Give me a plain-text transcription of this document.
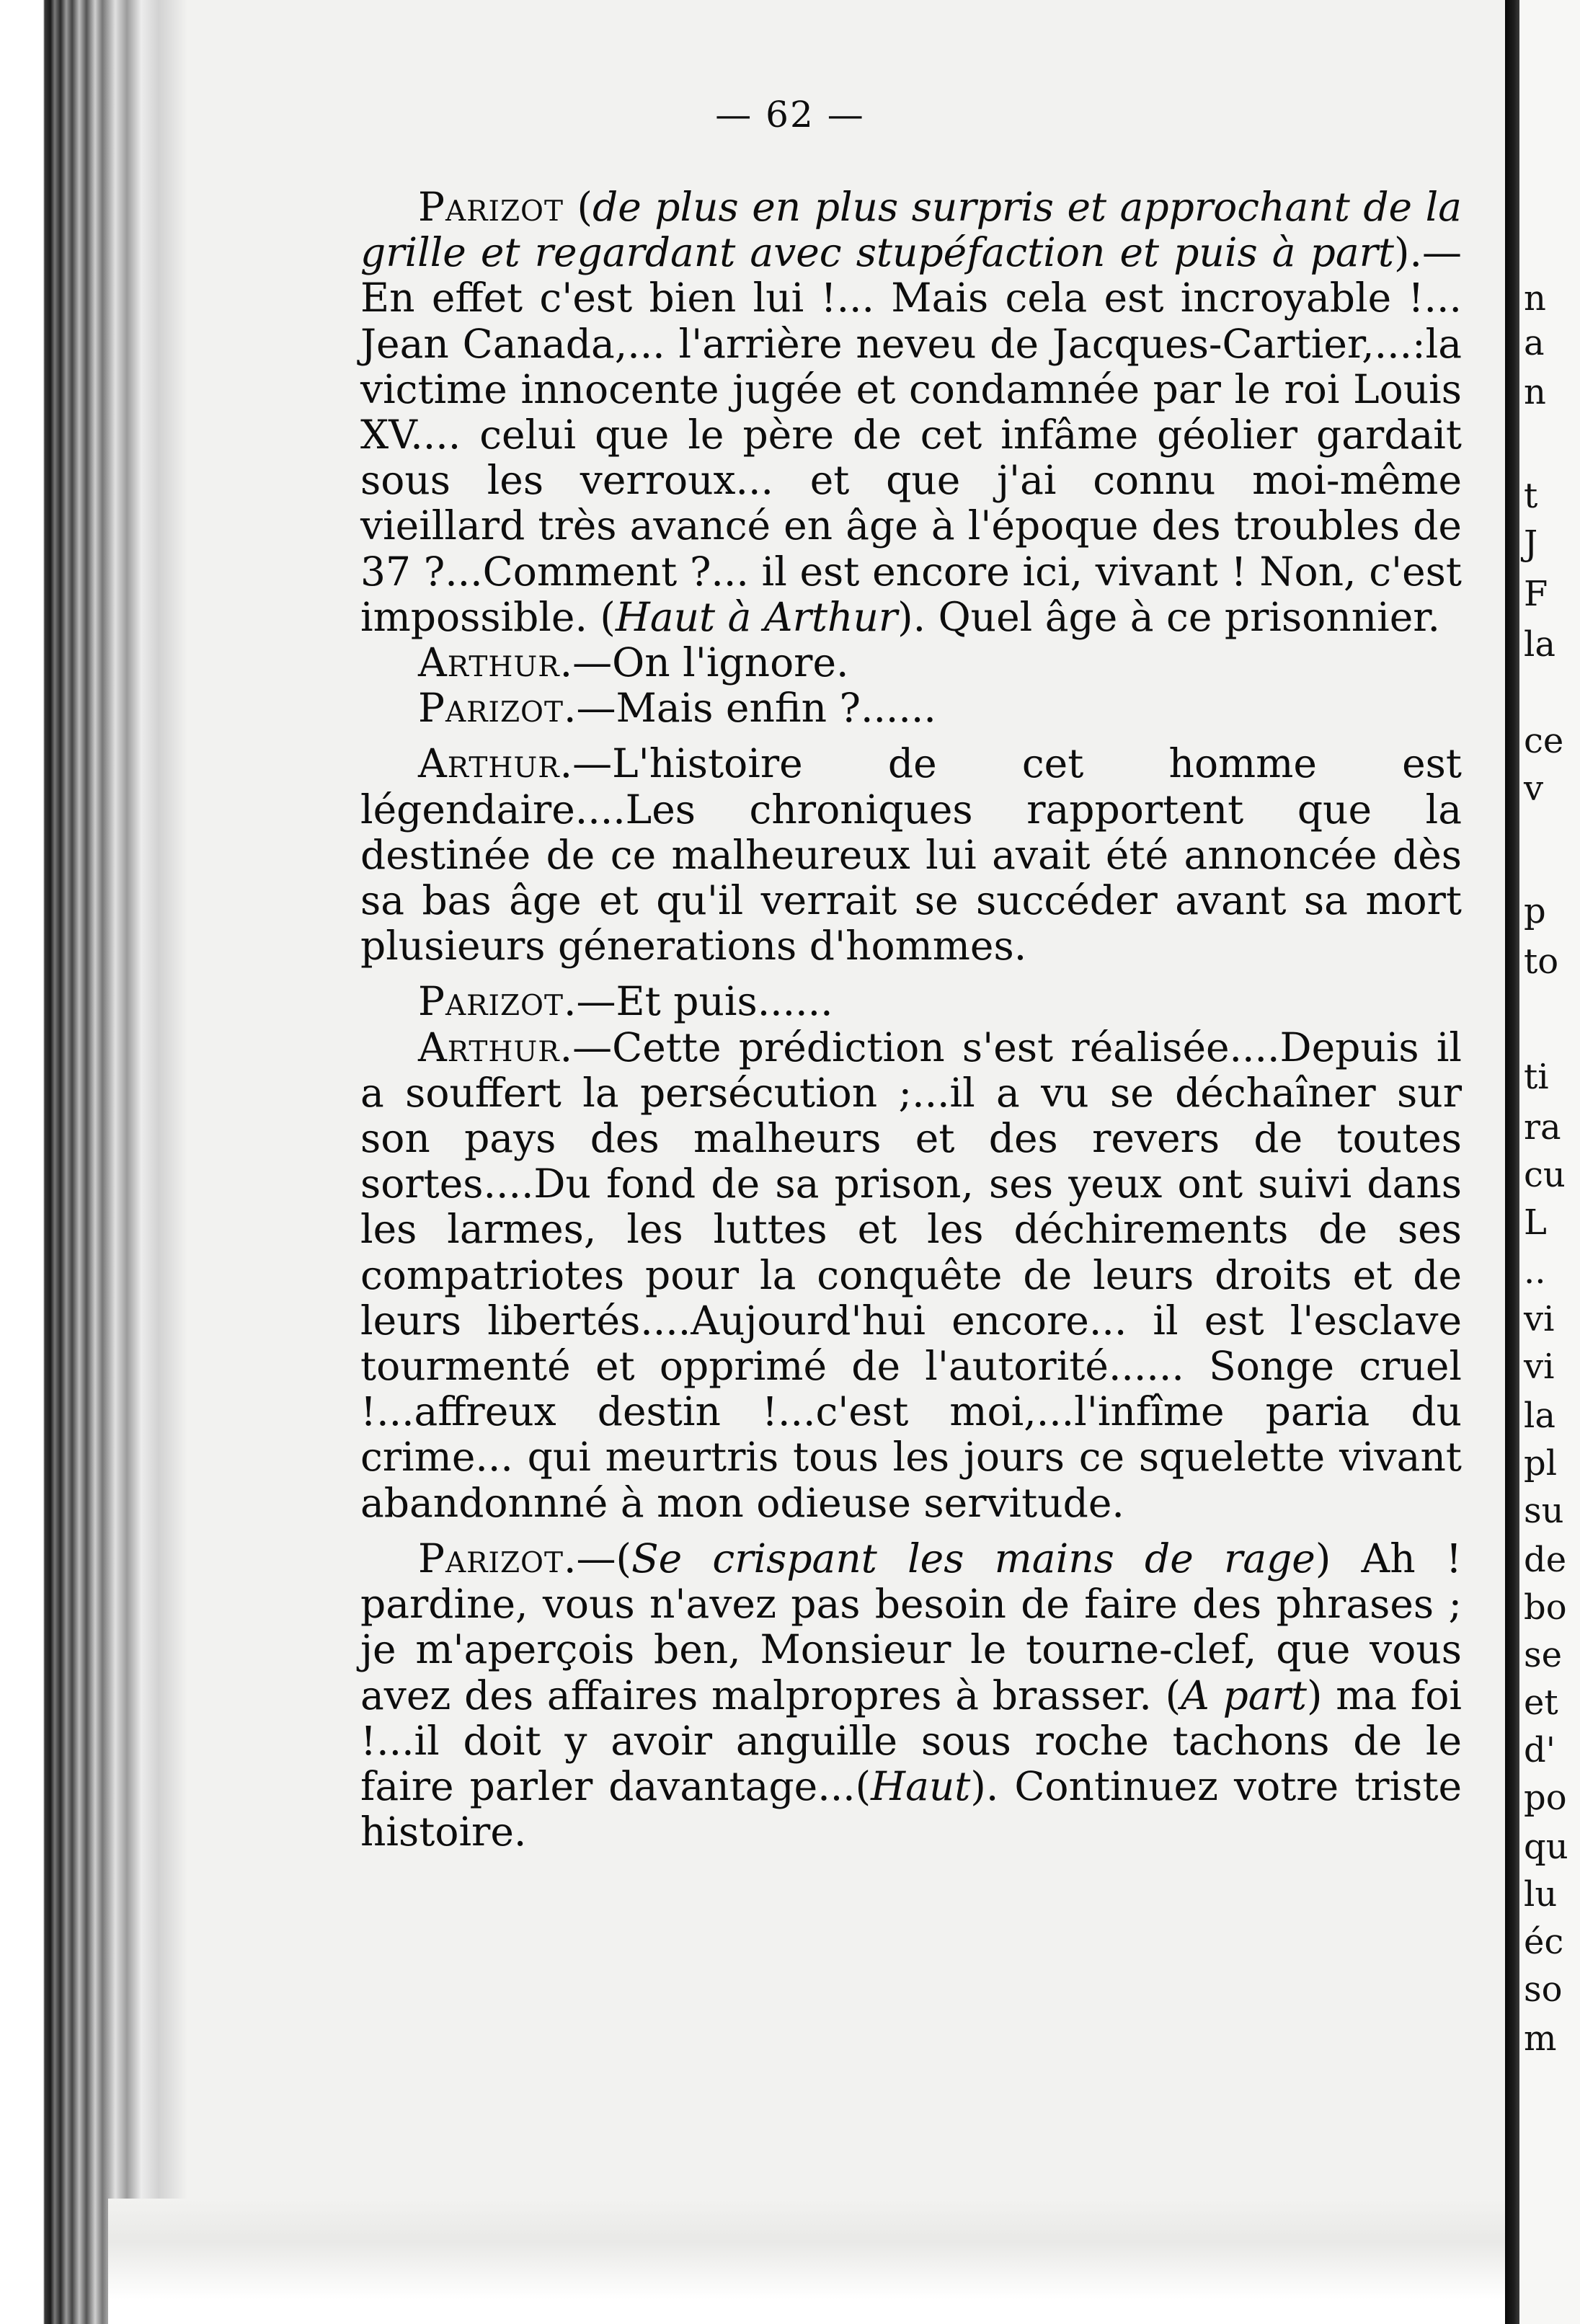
— 62 —

Parizot (de plus en plus surpris et approchant de la grille et regardant avec stupéfaction et puis à part).—En effet c'est bien lui !... Mais cela est incroyable !... Jean Canada,... l'arrière neveu de Jacques-Cartier,...:la victime innocente jugée et condamnée par le roi Louis XV.... celui que le père de cet infâme géolier gardait sous les verroux... et que j'ai connu moi-même vieillard très avancé en âge à l'époque des troubles de 37 ?...Comment ?... il est encore ici, vivant ! Non, c'est impossible. (Haut à Arthur). Quel âge à ce prisonnier.

Arthur.—On l'ignore.

Parizot.—Mais enfin ?......

Arthur.—L'histoire de cet homme est légendaire....Les chroniques rapportent que la destinée de ce malheureux lui avait été annoncée dès sa bas âge et qu'il verrait se succéder avant sa mort plusieurs génerations d'hommes.

Parizot.—Et puis......

Arthur.—Cette prédiction s'est réalisée....Depuis il a souffert la persécution ;...il a vu se déchaîner sur son pays des malheurs et des revers de toutes sortes....Du fond de sa prison, ses yeux ont suivi dans les larmes, les luttes et les déchirements de ses compatriotes pour la conquête de leurs droits et de leurs libertés....Aujourd'hui encore... il est l'esclave tourmenté et opprimé de l'autorité...... Songe cruel !...affreux destin !...c'est moi,...l'infîme paria du crime... qui meurtris tous les jours ce squelette vivant abandonnné à mon odieuse servitude.

Parizot.—(Se crispant les mains de rage) Ah ! pardine, vous n'avez pas besoin de faire des phrases ; je m'aperçois ben, Monsieur le tourne-clef, que vous avez des affaires malpropres à brasser. (A part) ma foi !...il doit y avoir anguille sous roche tachons de le faire parler davantage...(Haut). Continuez votre triste histoire.

n
a
n
t
J
F
la
ce
v
p
to
ti
ra
cu
L
..
vi
vi
la
pl
su
de
bo
se
et
d'
po
qu
lu
éc
so
m
